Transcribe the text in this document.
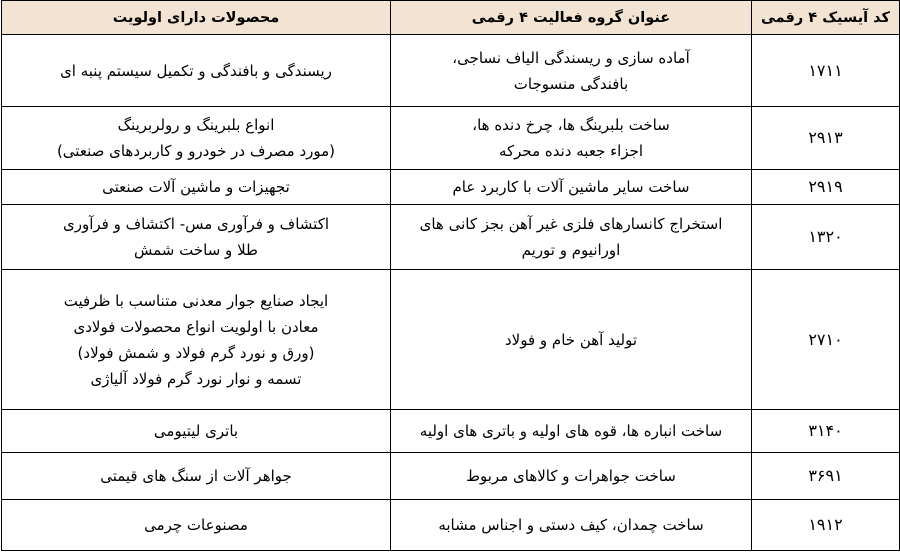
کد آیسیک ۴ رقمی	عنوان گروه فعالیت ۴ رقمی	محصولات دارای اولویت
۱۷۱۱	آماده سازی و ریسندگی الیاف نساجی،
بافندگی منسوجات	ریسندگی و بافندگی و تکمیل سیستم پنبه ای

۲۹۱۳	ساخت بلبرینگ ها، چرخ دنده ها،
اجزاء جعبه دنده محرکه	انواع بلبرینگ و رولربرینگ
(مورد مصرف در خودرو و کاربردهای صنعتی)

۲۹۱۹	ساخت سایر ماشین آلات با کاربرد عام	تجهیزات و ماشین آلات صنعتی

۱۳۲۰	استخراج کانسارهای فلزی غیر آهن بجز کانی های
اورانیوم و توریم	اکتشاف و فرآوری مس- اکتشاف و فرآوری
طلا و ساخت شمش

۲۷۱۰	تولید آهن خام و فولاد	ایجاد صنایع جوار معدنی متناسب با ظرفیت
معادن با اولویت انواع محصولات فولادی
(ورق و نورد گرم فولاد و شمش فولاد)
تسمه و نوار نورد گرم فولاد آلیاژی

۳۱۴۰	ساخت انباره ها، قوه های اولیه و باتری های اولیه	باتری لیتیومی

۳۶۹۱	ساخت جواهرات و کالاهای مربوط	جواهر آلات از سنگ های قیمتی

۱۹۱۲	ساخت چمدان، کیف دستی و اجناس مشابه	مصنوعات چرمی
